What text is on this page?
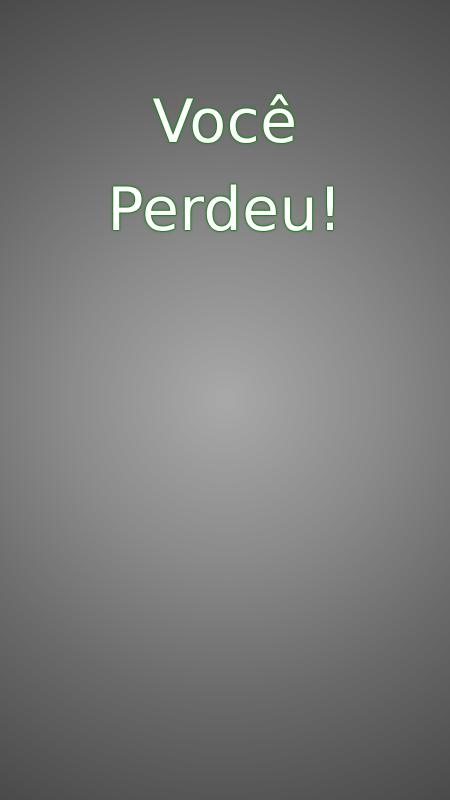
Você
Perdeu!
